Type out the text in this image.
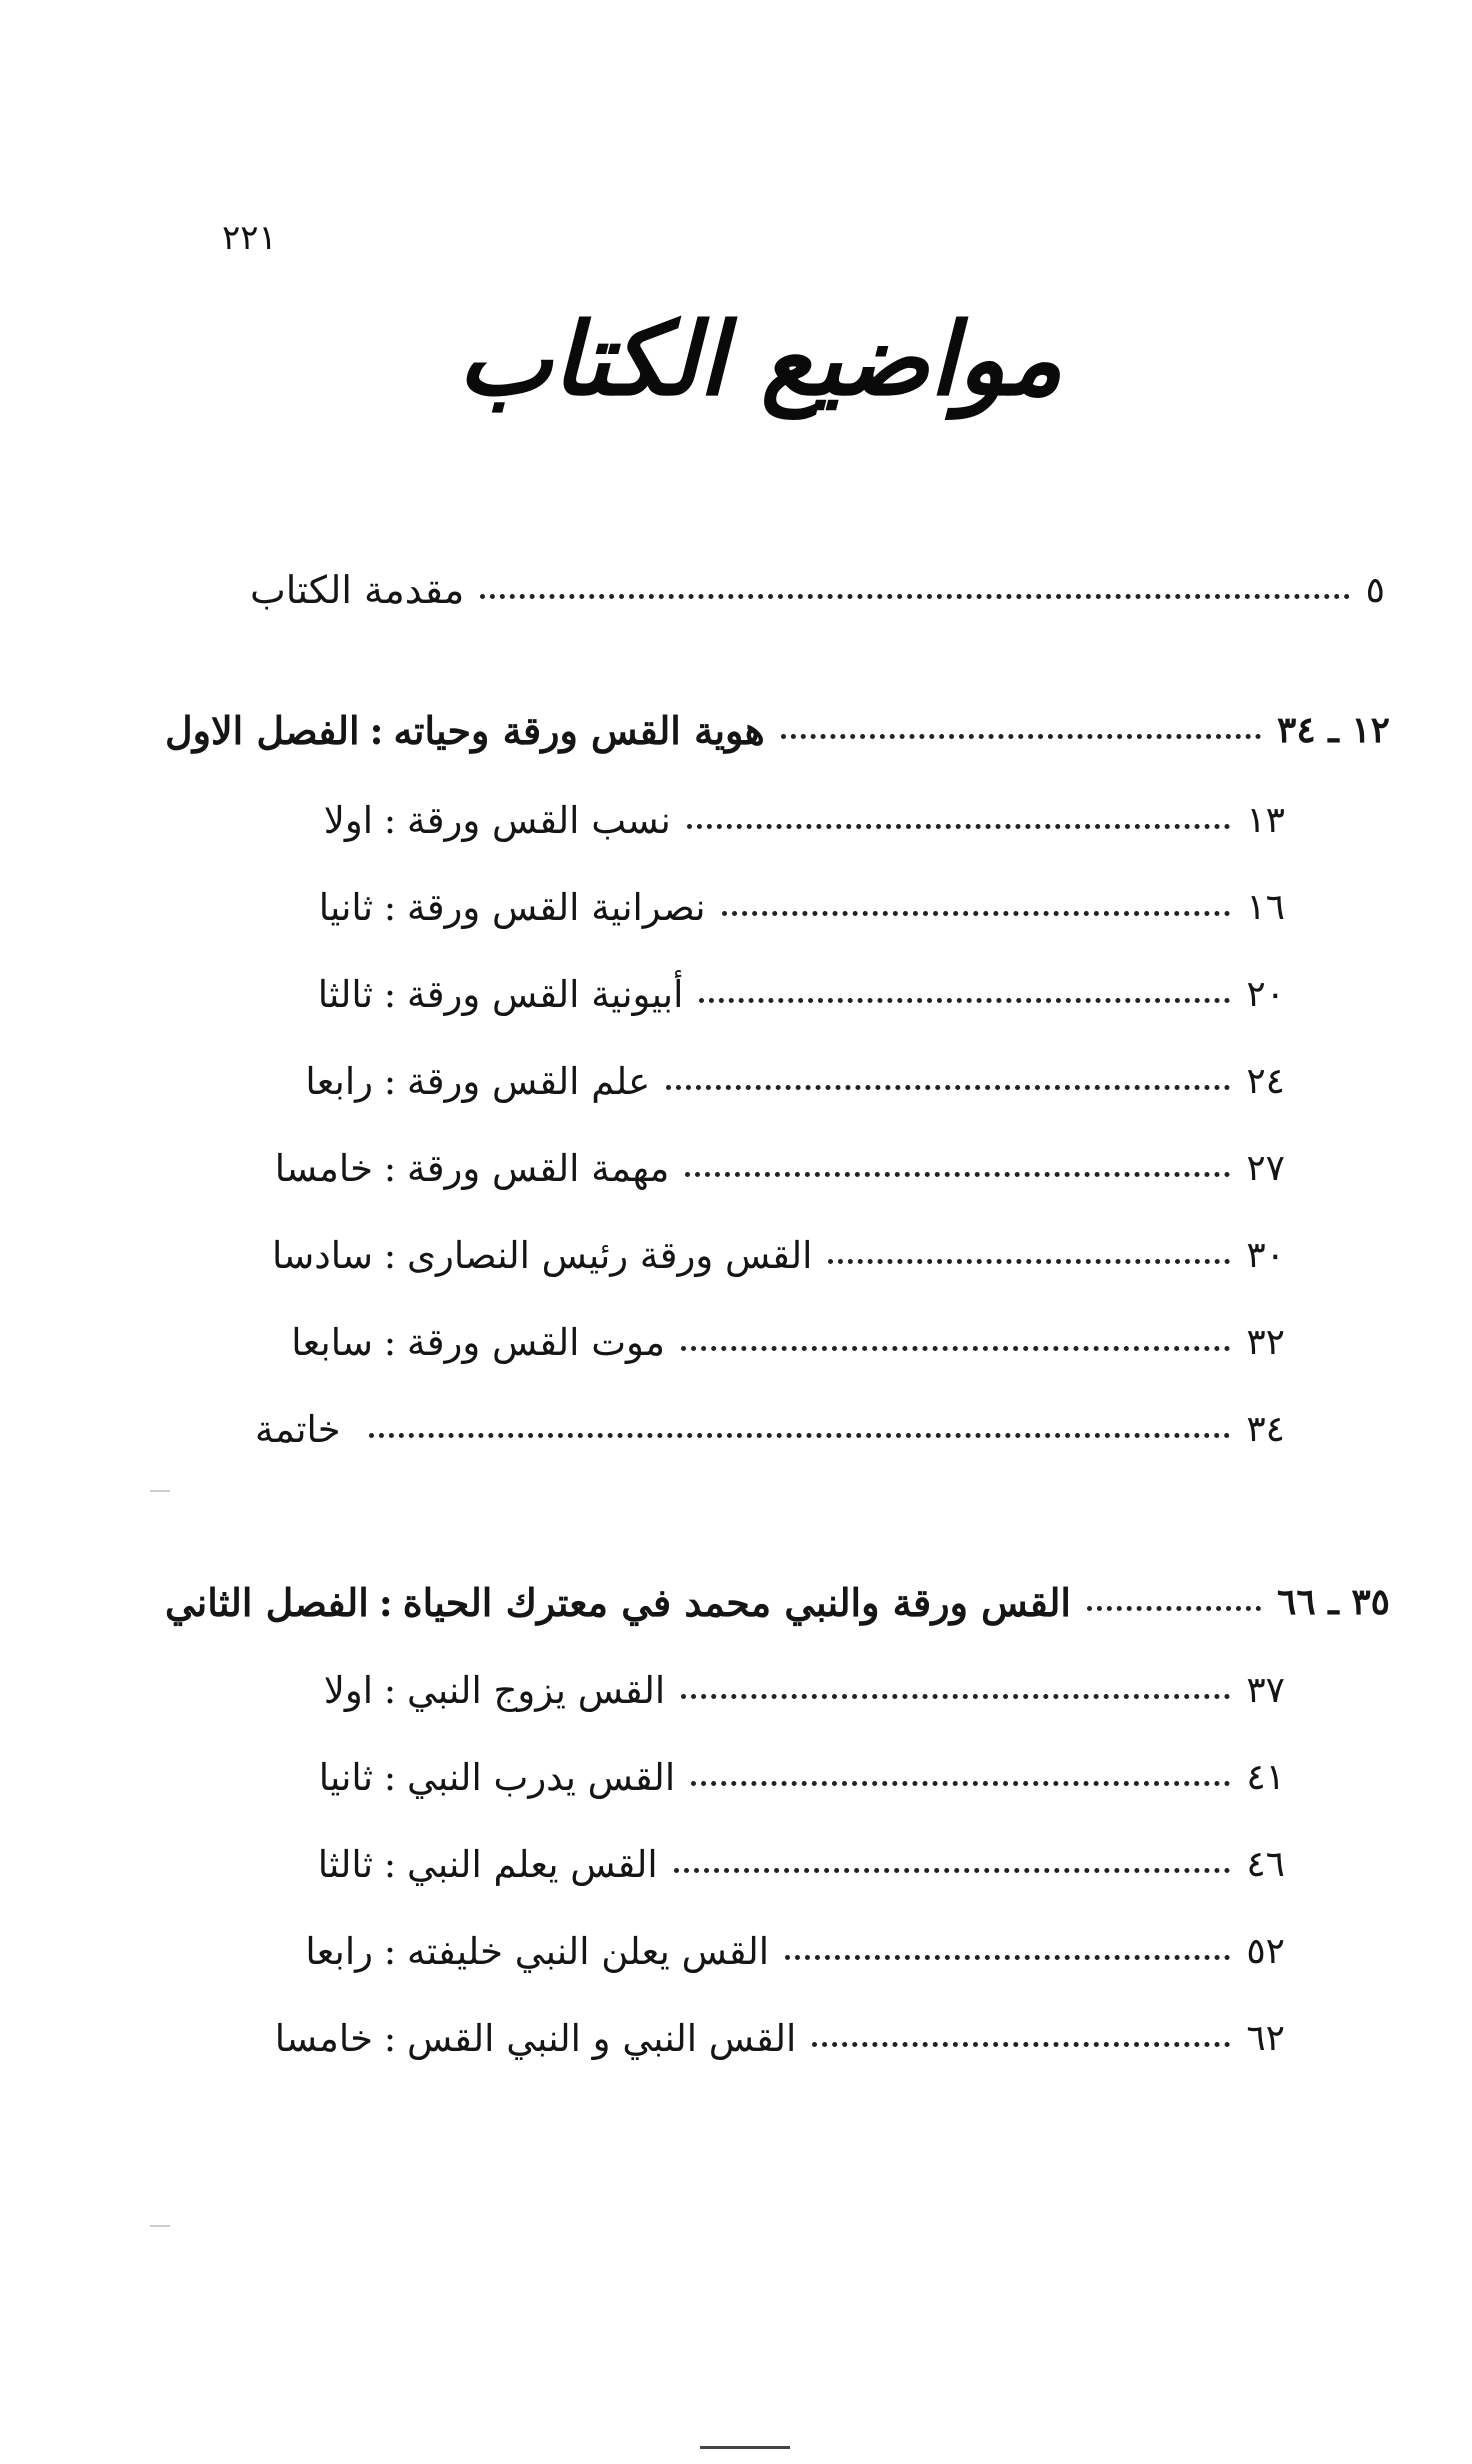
٢٢١
مواضيع الكتاب
مقدمة الكتاب	٥
الفصل الاول : هوية القس ورقة وحياته	١٢ ـ ٣٤
اولا : نسب القس ورقة	١٣
ثانيا : نصرانية القس ورقة	١٦
ثالثا : أبيونية القس ورقة	٢٠
رابعا : علم القس ورقة	٢٤
خامسا : مهمة القس ورقة	٢٧
سادسا : القس ورقة رئيس النصارى	٣٠
سابعا : موت القس ورقة	٣٢
خاتمة	٣٤
الفصل الثاني : القس ورقة والنبي محمد في معترك الحياة	٣٥ ـ ٦٦
اولا : القس يزوج النبي	٣٧
ثانيا : القس يدرب النبي	٤١
ثالثا : القس يعلم النبي	٤٦
رابعا : القس يعلن النبي خليفته	٥٢
خامسا : القس النبي و النبي القس	٦٢
